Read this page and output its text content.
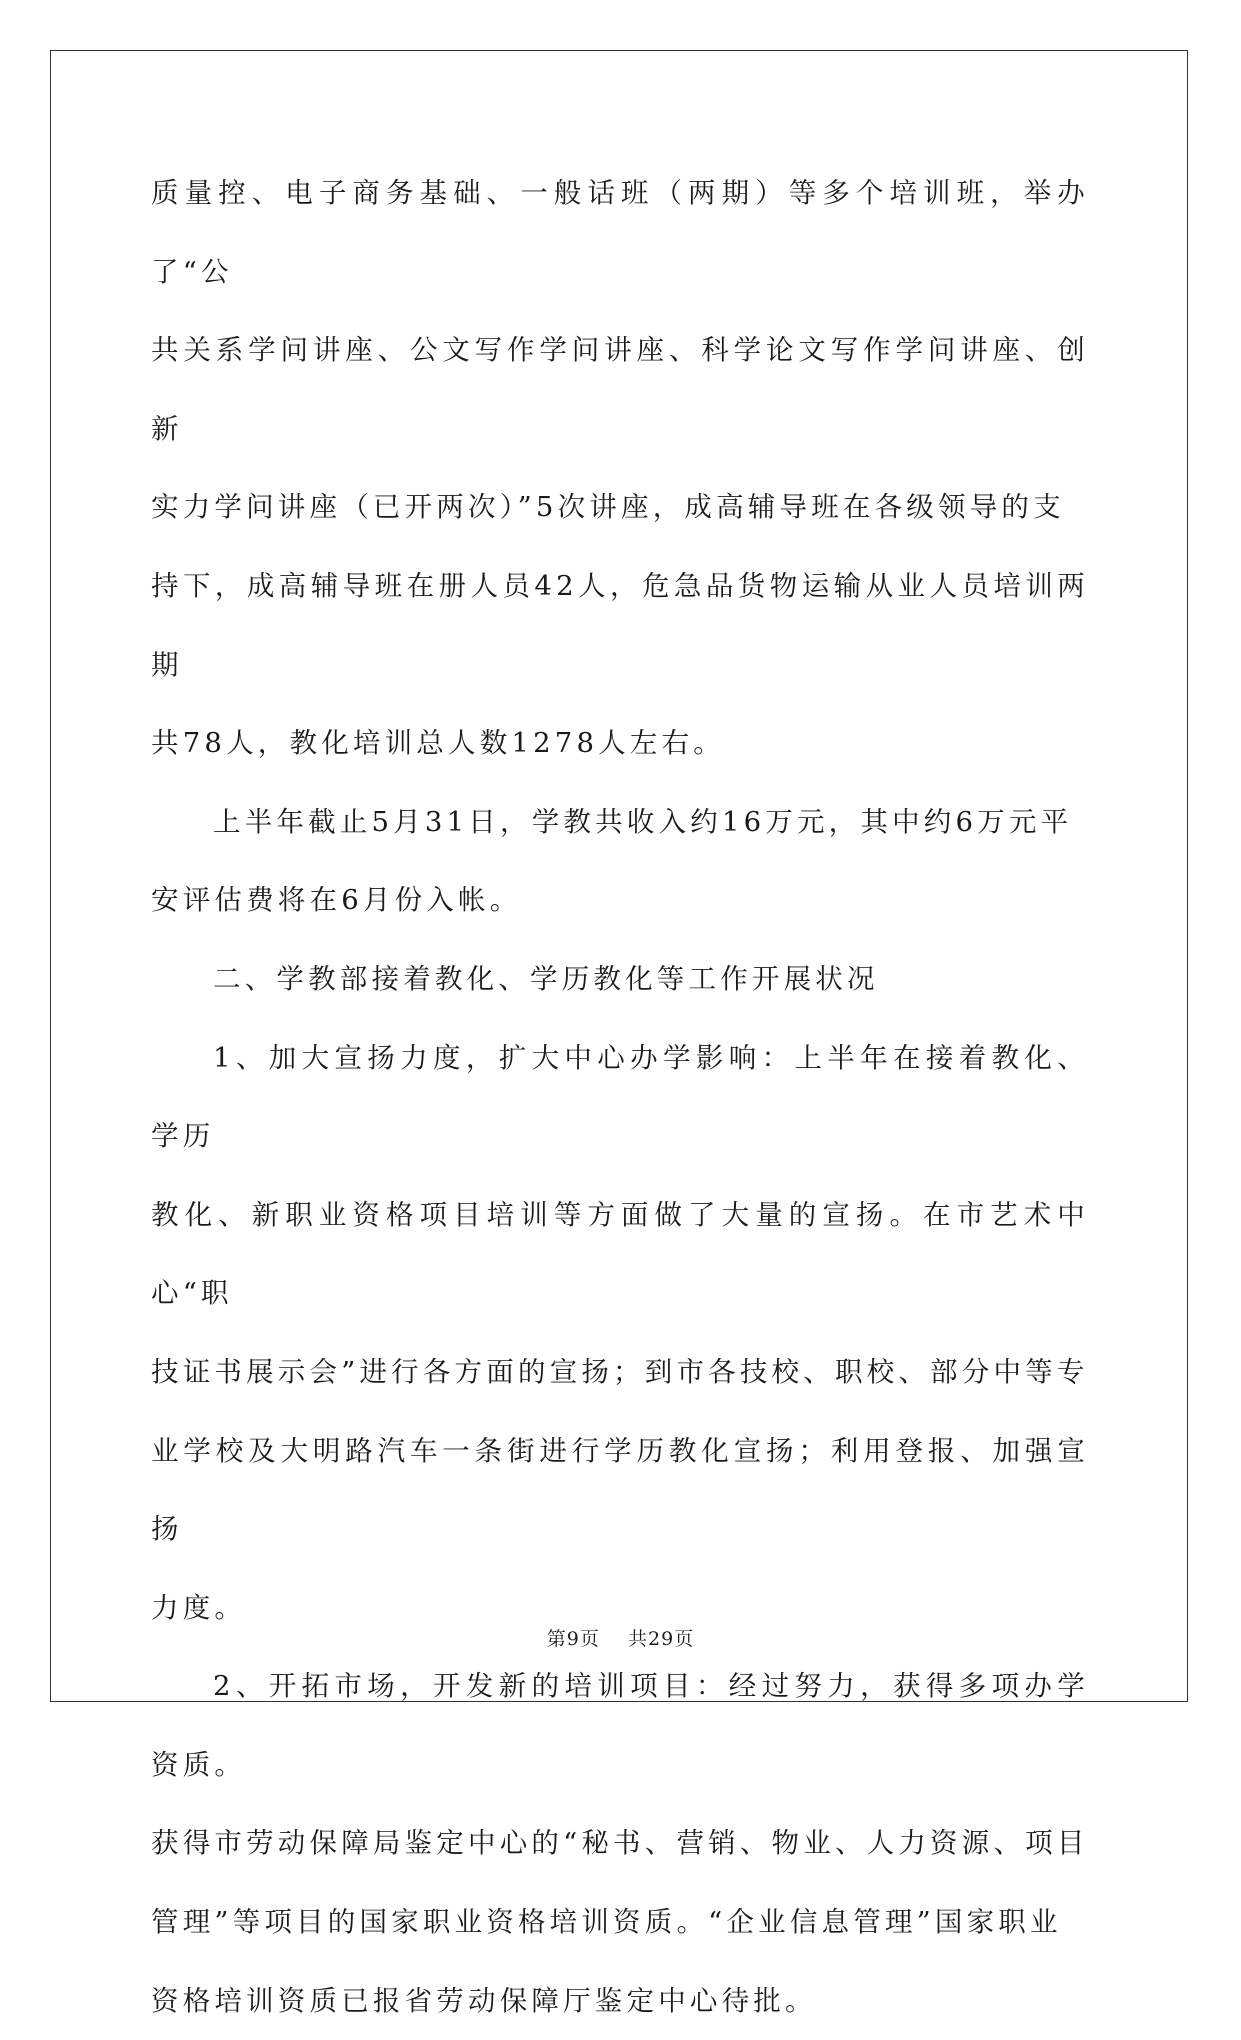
质量控、电子商务基础、一般话班（两期）等多个培训班，举办了“公
共关系学问讲座、公文写作学问讲座、科学论文写作学问讲座、创新
实力学问讲座（已开两次）”5次讲座，成高辅导班在各级领导的支
持下，成高辅导班在册人员42人，危急品货物运输从业人员培训两期
共78人，教化培训总人数1278人左右。

上半年截止5月31日，学教共收入约16万元，其中约6万元平
安评估费将在6月份入帐。

二、学教部接着教化、学历教化等工作开展状况

1、加大宣扬力度，扩大中心办学影响：上半年在接着教化、学历
教化、新职业资格项目培训等方面做了大量的宣扬。在市艺术中心“职
技证书展示会”进行各方面的宣扬；到市各技校、职校、部分中等专
业学校及大明路汽车一条街进行学历教化宣扬；利用登报、加强宣扬
力度。

2、开拓市场，开发新的培训项目：经过努力，获得多项办学资质。
获得市劳动保障局鉴定中心的“秘书、营销、物业、人力资源、项目
管理”等项目的国家职业资格培训资质。“企业信息管理”国家职业
资格培训资质已报省劳动保障厅鉴定中心待批。

第9页 共29页
